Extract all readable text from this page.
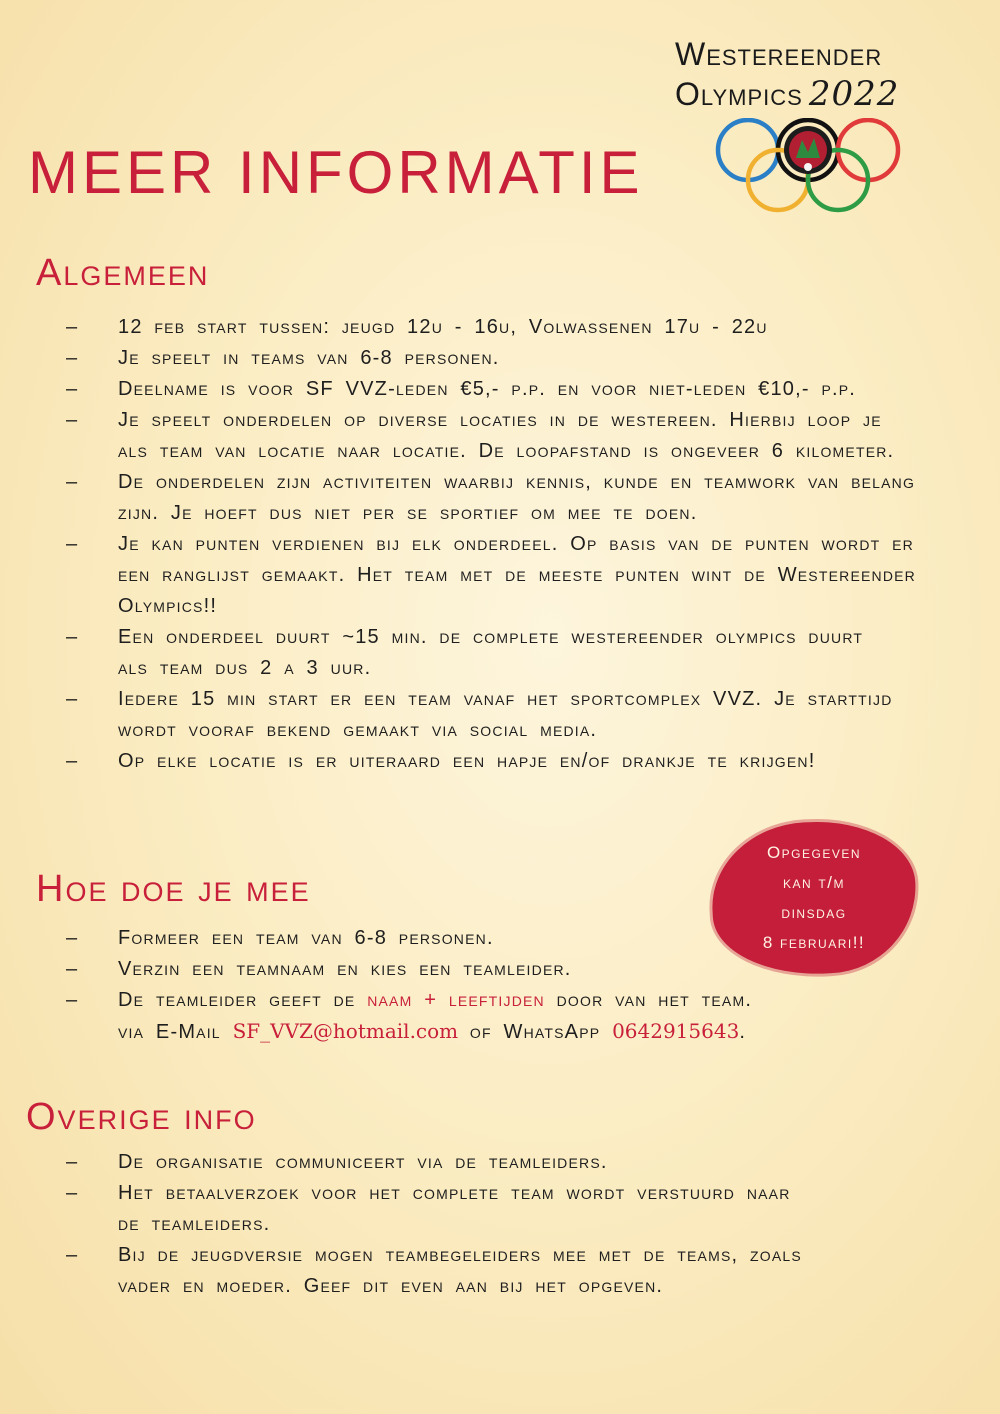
Westereender
Olympics 2022
MEER INFORMATIE
Algemeen
– 12 feb start tussen: jeugd 12u - 16u, Volwassenen 17u - 22u
– Je speelt in teams van 6-8 personen.
– Deelname is voor SF VVZ-leden €5,- p.p. en voor niet-leden €10,- p.p.
– Je speelt onderdelen op diverse locaties in de westereen. Hierbij loop je als team van locatie naar locatie. De loopafstand is ongeveer 6 kilometer.
– De onderdelen zijn activiteiten waarbij kennis, kunde en teamwork van belang zijn. Je hoeft dus niet per se sportief om mee te doen.
– Je kan punten verdienen bij elk onderdeel. Op basis van de punten wordt er een ranglijst gemaakt. Het team met de meeste punten wint de Westereender Olympics!!
– Een onderdeel duurt ~15 min. de complete westereender olympics duurt als team dus 2 a 3 uur.
– Iedere 15 min start er een team vanaf het sportcomplex VVZ. Je starttijd wordt vooraf bekend gemaakt via social media.
– Op elke locatie is er uiteraard een hapje en/of drankje te krijgen!
Hoe doe je mee
– Formeer een team van 6-8 personen.
– Verzin een teamnaam en kies een teamleider.
– De teamleider geeft de naam + leeftijden door van het team.
via E-Mail SF_VVZ@hotmail.com of WhatsApp 0642915643.
Opgegeven
kan t/m
dinsdag
8 februari!!
Overige info
– De organisatie communiceert via de teamleiders.
– Het betaalverzoek voor het complete team wordt verstuurd naar de teamleiders.
– Bij de jeugdversie mogen teambegeleiders mee met de teams, zoals vader en moeder. Geef dit even aan bij het opgeven.
